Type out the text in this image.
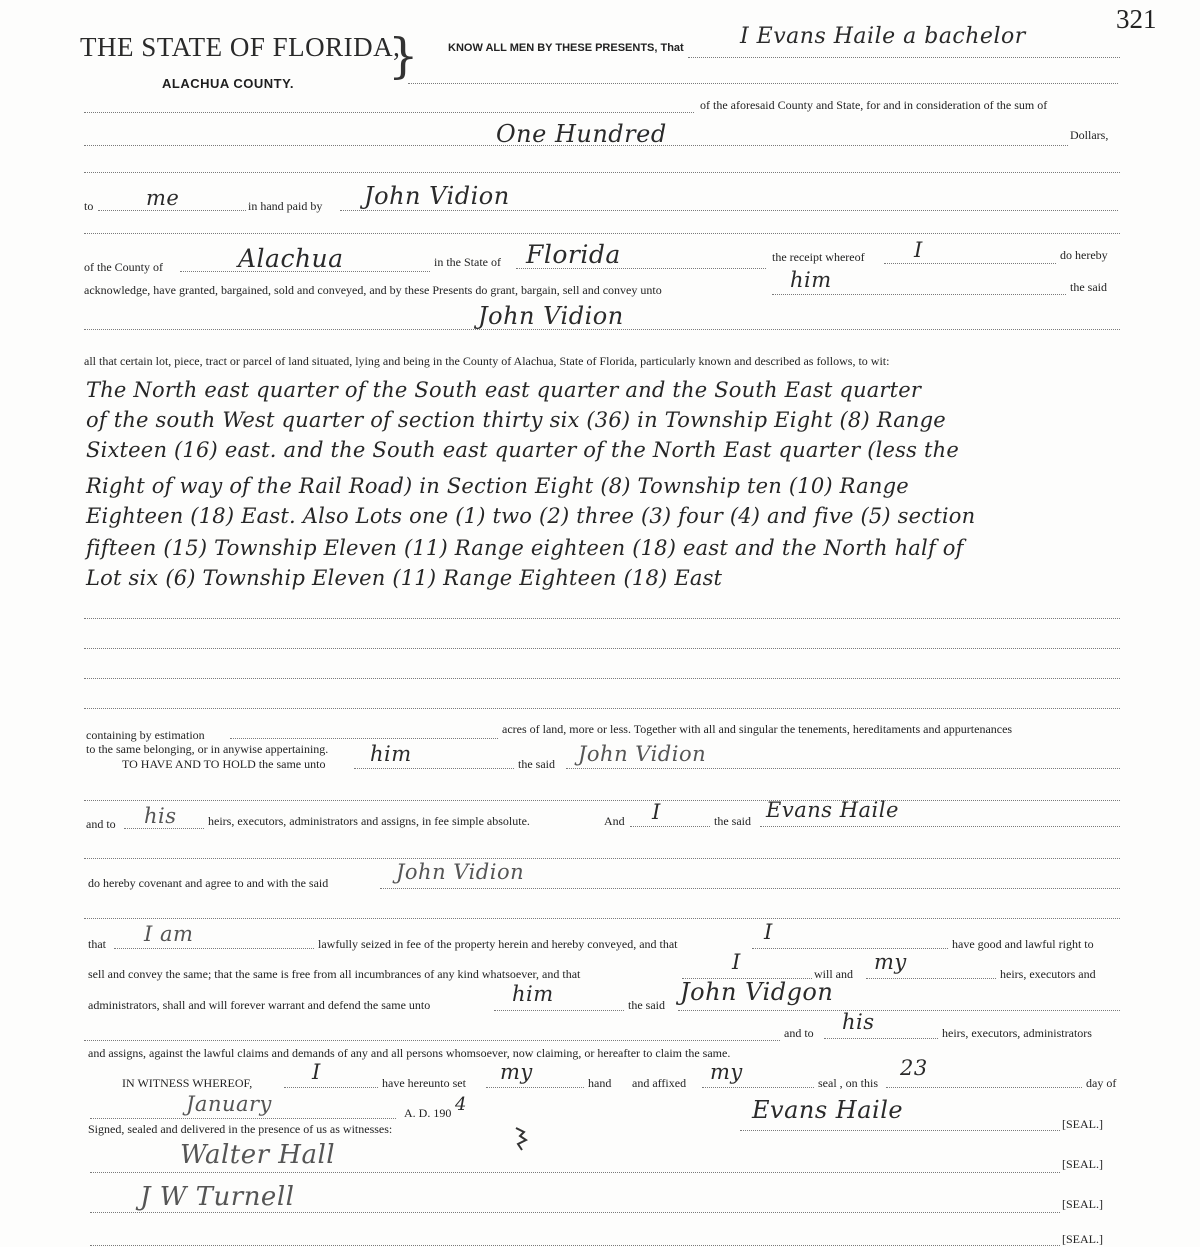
321
THE STATE OF FLORIDA,
}
ALACHUA COUNTY.
KNOW ALL MEN BY THESE PRESENTS, That	I Evans Haile a bachelor
of the aforesaid County and State, for and in consideration of the sum of
One Hundred	Dollars,
to	me	in hand paid by John Vidion
of the County of	Alachua	in the State of Florida	the receipt whereof I	do hereby
acknowledge, have granted, bargained, sold and conveyed, and by these Presents do grant, bargain, sell and convey unto	him	the said
John Vidion
all that certain lot, piece, tract or parcel of land situated, lying and being in the County of Alachua, State of Florida, particularly known and described as follows, to wit:
The North east quarter of the South east quarter and the South East quarter
of the south West quarter of section thirty six (36) in Township Eight (8) Range
Sixteen (16) east. and the South east quarter of the North East quarter (less the
Right of way of the Rail Road) in Section Eight (8) Township ten (10) Range
Eighteen (18) East. Also Lots one (1) two (2) three (3) four (4) and five (5) section
fifteen (15) Township Eleven (11) Range eighteen (18) east and the North half of
Lot six (6) Township Eleven (11) Range Eighteen (18) East
containing by estimation	acres of land, more or less. Together with all and singular the tenements, hereditaments and appurtenances
to the same belonging, or in anywise appertaining.
TO HAVE AND TO HOLD the same unto him	the said John Vidion
and to his	heirs, executors, administrators and assigns, in fee simple absolute.	And I	the said Evans Haile
do hereby covenant and agree to and with the said	John Vidion
that I am	lawfully seized in fee of the property herein and hereby conveyed, and that	I	have good and lawful right to
sell and convey the same; that the same is free from all incumbrances of any kind whatsoever, and that	I	will and my	heirs, executors and
administrators, shall and will forever warrant and defend the same unto	him	the said John Vidgon
and to his	heirs, executors, administrators
and assigns, against the lawful claims and demands of any and all persons whomsoever, now claiming, or hereafter to claim the same.
IN WITNESS WHEREOF,	I	have hereunto set my	hand and affixed my	seal , on this
23
day of
January	A. D. 190 4	Evans Haile	[SEAL.]
Signed, sealed and delivered in the presence of us as witnesses:
Walter Hall	[SEAL.]
J W Turnell	[SEAL.]
[SEAL.]
